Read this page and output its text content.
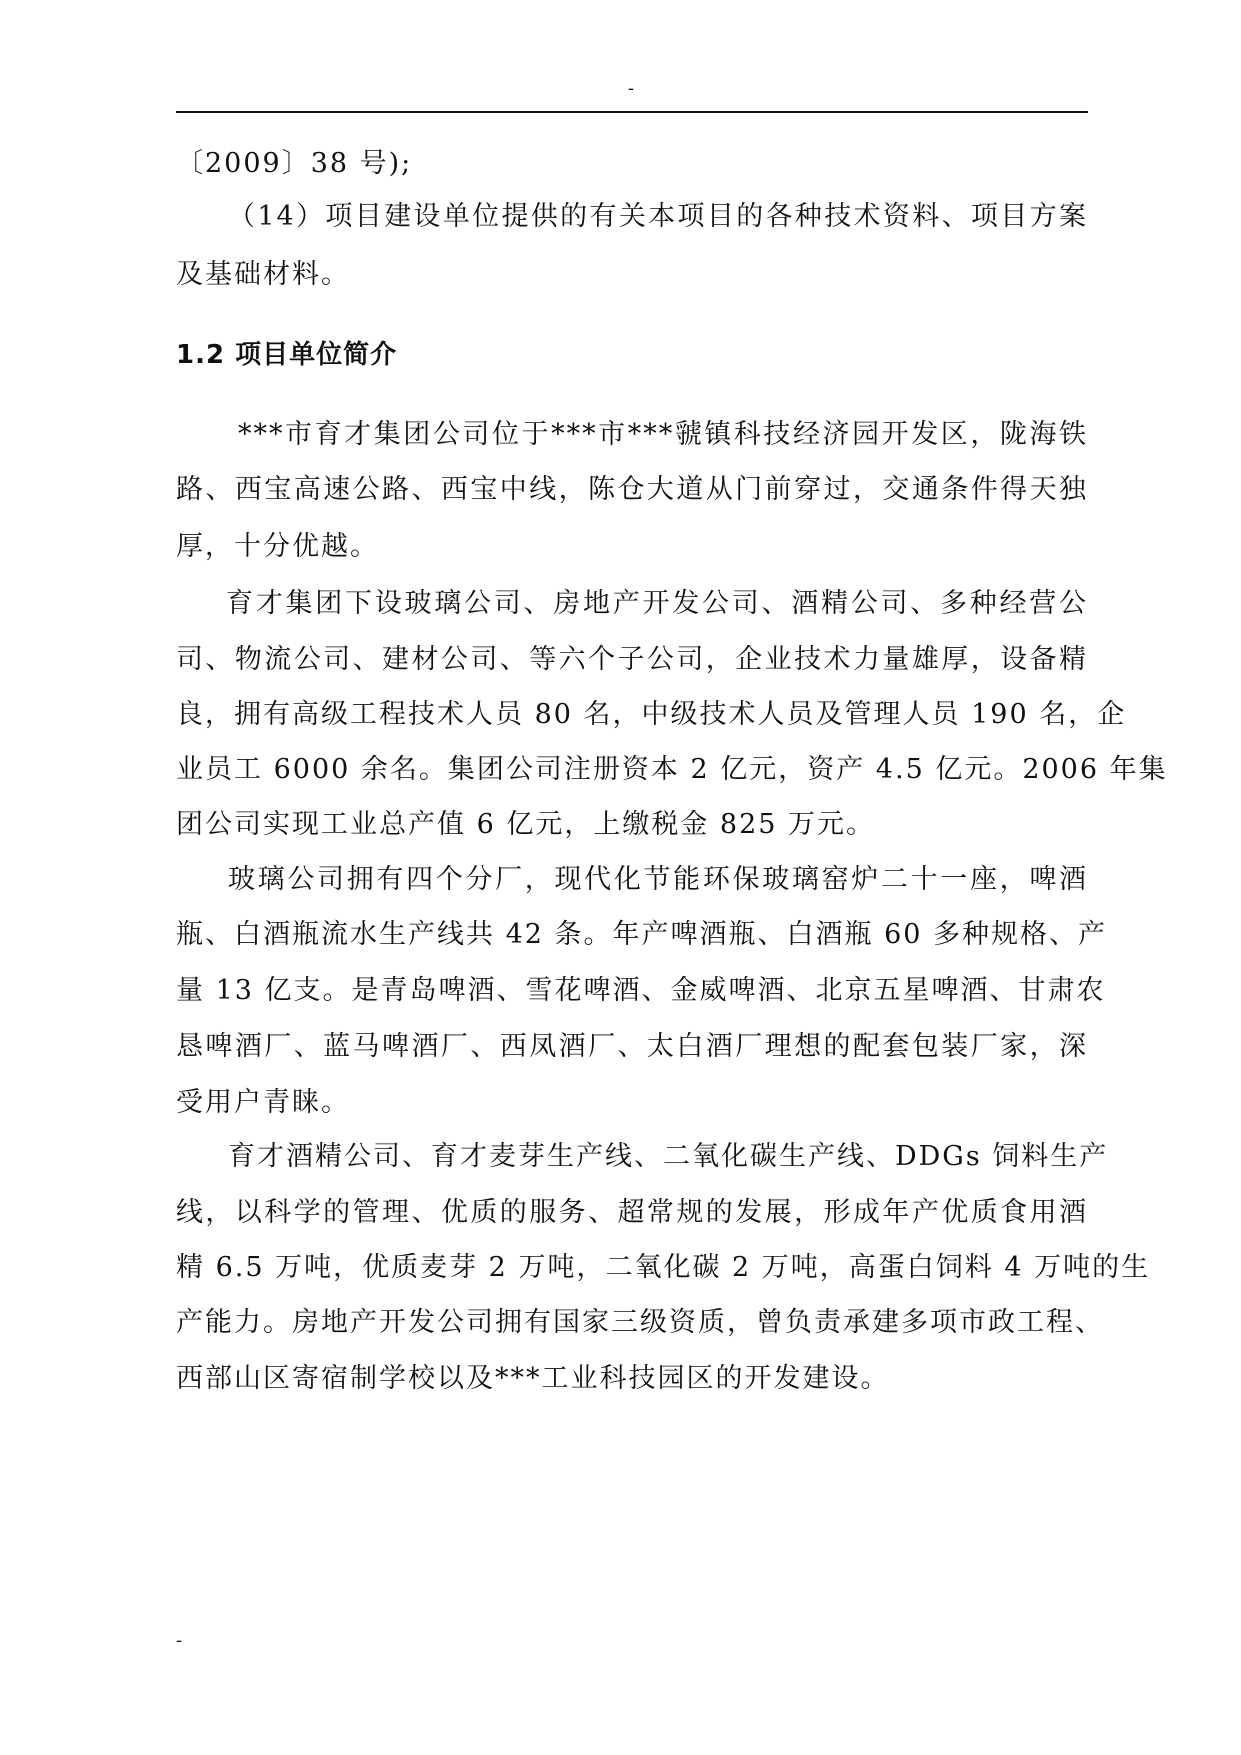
-
〔2009〕38 号);
（14）项目建设单位提供的有关本项目的各种技术资料、项目方案
及基础材料。
1.2 项目单位简介
***市育才集团公司位于***市***虢镇科技经济园开发区，陇海铁
路、西宝高速公路、西宝中线，陈仓大道从门前穿过，交通条件得天独
厚，十分优越。
育才集团下设玻璃公司、房地产开发公司、酒精公司、多种经营公
司、物流公司、建材公司、等六个子公司，企业技术力量雄厚，设备精
良，拥有高级工程技术人员 80 名，中级技术人员及管理人员 190 名，企
业员工 6000 余名。集团公司注册资本 2 亿元，资产 4.5 亿元。2006 年集
团公司实现工业总产值 6 亿元，上缴税金 825 万元。
玻璃公司拥有四个分厂，现代化节能环保玻璃窑炉二十一座，啤酒
瓶、白酒瓶流水生产线共 42 条。年产啤酒瓶、白酒瓶 60 多种规格、产
量 13 亿支。是青岛啤酒、雪花啤酒、金威啤酒、北京五星啤酒、甘肃农
恳啤酒厂、蓝马啤酒厂、西凤酒厂、太白酒厂理想的配套包装厂家，深
受用户青睐。
育才酒精公司、育才麦芽生产线、二氧化碳生产线、DDGs 饲料生产
线，以科学的管理、优质的服务、超常规的发展，形成年产优质食用酒
精 6.5 万吨，优质麦芽 2 万吨，二氧化碳 2 万吨，高蛋白饲料 4 万吨的生
产能力。房地产开发公司拥有国家三级资质，曾负责承建多项市政工程、
西部山区寄宿制学校以及***工业科技园区的开发建设。
-
